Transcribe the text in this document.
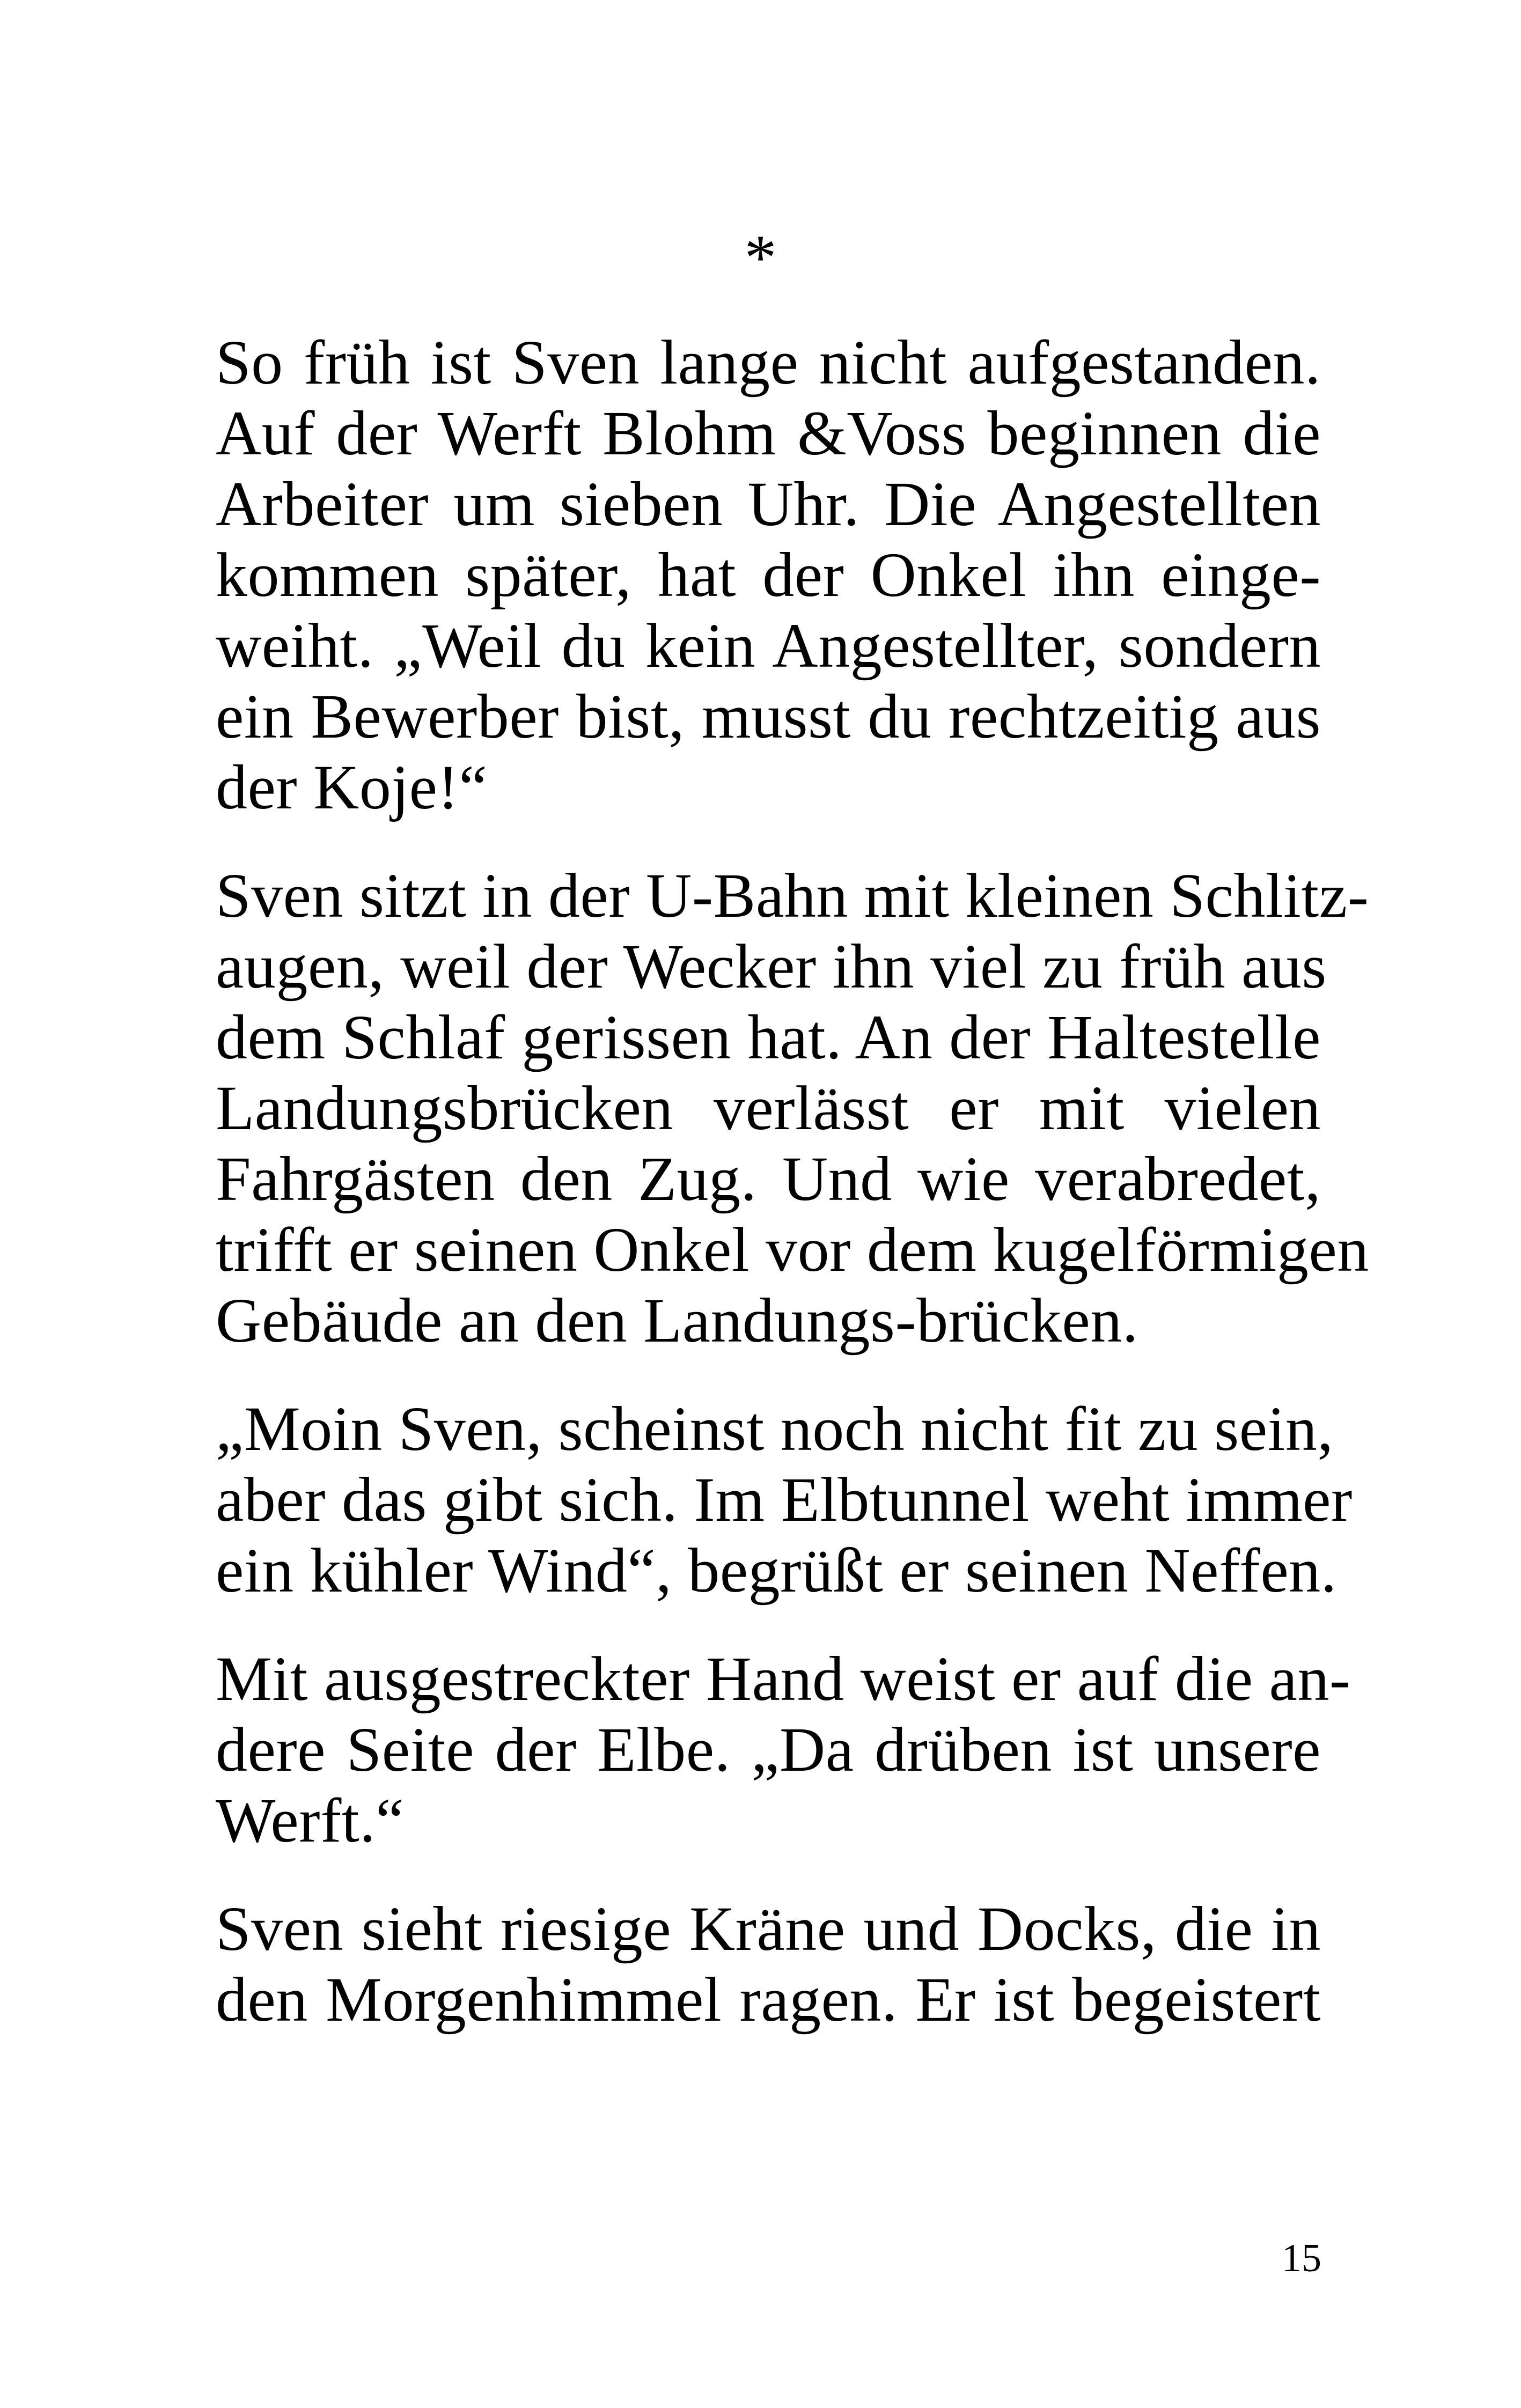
*

So früh ist Sven lange nicht aufgestanden.
Auf der Werft Blohm &Voss beginnen die
Arbeiter um sieben Uhr. Die Angestellten
kommen später, hat der Onkel ihn einge-
weiht. „Weil du kein Angestellter, sondern
ein Bewerber bist, musst du rechtzeitig aus
der Koje!“

Sven sitzt in der U-Bahn mit kleinen Schlitz-
augen, weil der Wecker ihn viel zu früh aus
dem Schlaf gerissen hat. An der Haltestelle
Landungsbrücken verlässt er mit vielen
Fahrgästen den Zug. Und wie verabredet,
trifft er seinen Onkel vor dem kugelförmigen
Gebäude an den Landungs-brücken.

„Moin Sven, scheinst noch nicht fit zu sein,
aber das gibt sich. Im Elbtunnel weht immer
ein kühler Wind“, begrüßt er seinen Neffen.

Mit ausgestreckter Hand weist er auf die an-
dere Seite der Elbe. „Da drüben ist unsere
Werft.“

Sven sieht riesige Kräne und Docks, die in
den Morgenhimmel ragen. Er ist begeistert

15
